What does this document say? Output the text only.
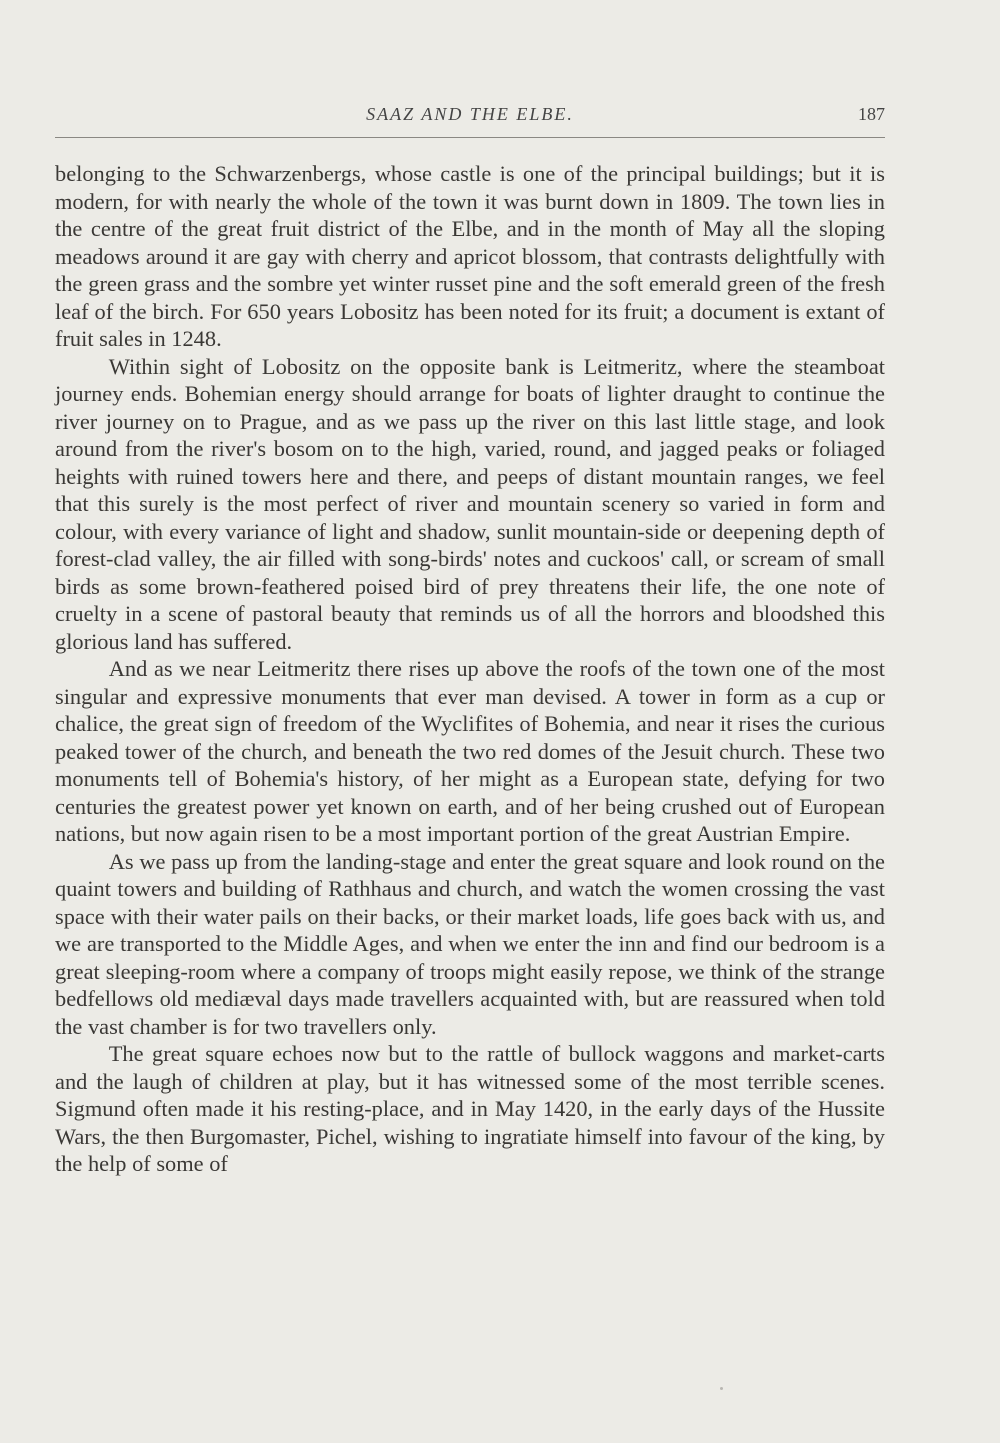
SAAZ AND THE ELBE.	187

belonging to the Schwarzenbergs, whose castle is one of the principal buildings; but it is modern, for with nearly the whole of the town it was burnt down in 1809. The town lies in the centre of the great fruit district of the Elbe, and in the month of May all the sloping meadows around it are gay with cherry and apricot blossom, that contrasts delightfully with the green grass and the sombre yet winter russet pine and the soft emerald green of the fresh leaf of the birch. For 650 years Lobositz has been noted for its fruit; a document is extant of fruit sales in 1248.

Within sight of Lobositz on the opposite bank is Leitmeritz, where the steamboat journey ends. Bohemian energy should arrange for boats of lighter draught to continue the river journey on to Prague, and as we pass up the river on this last little stage, and look around from the river's bosom on to the high, varied, round, and jagged peaks or foliaged heights with ruined towers here and there, and peeps of distant mountain ranges, we feel that this surely is the most perfect of river and mountain scenery so varied in form and colour, with every variance of light and shadow, sunlit mountain-side or deepening depth of forest-clad valley, the air filled with song-birds' notes and cuckoos' call, or scream of small birds as some brown-feathered poised bird of prey threatens their life, the one note of cruelty in a scene of pastoral beauty that reminds us of all the horrors and bloodshed this glorious land has suffered.

And as we near Leitmeritz there rises up above the roofs of the town one of the most singular and expressive monuments that ever man devised. A tower in form as a cup or chalice, the great sign of freedom of the Wyclifites of Bohemia, and near it rises the curious peaked tower of the church, and beneath the two red domes of the Jesuit church. These two monuments tell of Bohemia's history, of her might as a European state, defying for two centuries the greatest power yet known on earth, and of her being crushed out of European nations, but now again risen to be a most important portion of the great Austrian Empire.

As we pass up from the landing-stage and enter the great square and look round on the quaint towers and building of Rathhaus and church, and watch the women crossing the vast space with their water pails on their backs, or their market loads, life goes back with us, and we are transported to the Middle Ages, and when we enter the inn and find our bedroom is a great sleeping-room where a company of troops might easily repose, we think of the strange bedfellows old mediæval days made travellers acquainted with, but are reassured when told the vast chamber is for two travellers only.

The great square echoes now but to the rattle of bullock waggons and market-carts and the laugh of children at play, but it has witnessed some of the most terrible scenes. Sigmund often made it his resting-place, and in May 1420, in the early days of the Hussite Wars, the then Burgomaster, Pichel, wishing to ingratiate himself into favour of the king, by the help of some of
